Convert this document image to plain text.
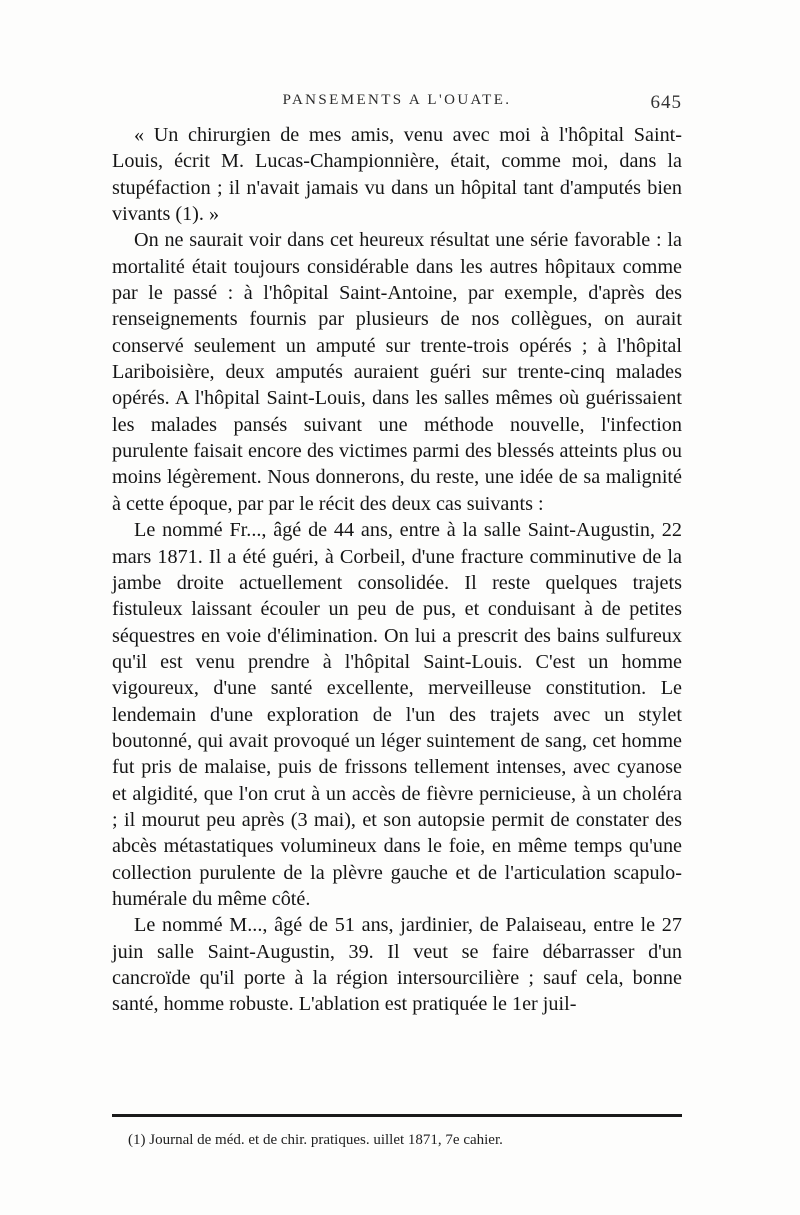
PANSEMENTS A L'OUATE.	645

« Un chirurgien de mes amis, venu avec moi à l'hôpital Saint-Louis, écrit M. Lucas-Championnière, était, comme moi, dans la stupéfaction ; il n'avait jamais vu dans un hôpital tant d'amputés bien vivants (1). »

On ne saurait voir dans cet heureux résultat une série favorable : la mortalité était toujours considérable dans les autres hôpitaux comme par le passé : à l'hôpital Saint-Antoine, par exemple, d'après des renseignements fournis par plusieurs de nos collègues, on aurait conservé seulement un amputé sur trente-trois opérés ; à l'hôpital Lariboisière, deux amputés auraient guéri sur trente-cinq malades opérés. A l'hôpital Saint-Louis, dans les salles mêmes où guérissaient les malades pansés suivant une méthode nouvelle, l'infection purulente faisait encore des victimes parmi des blessés atteints plus ou moins légèrement. Nous donnerons, du reste, une idée de sa malignité à cette époque, par par le récit des deux cas suivants :

Le nommé Fr..., âgé de 44 ans, entre à la salle Saint-Augustin, 22 mars 1871. Il a été guéri, à Corbeil, d'une fracture comminutive de la jambe droite actuellement consolidée. Il reste quelques trajets fistuleux laissant écouler un peu de pus, et conduisant à de petites séquestres en voie d'élimination. On lui a prescrit des bains sulfureux qu'il est venu prendre à l'hôpital Saint-Louis. C'est un homme vigoureux, d'une santé excellente, merveilleuse constitution. Le lendemain d'une exploration de l'un des trajets avec un stylet boutonné, qui avait provoqué un léger suintement de sang, cet homme fut pris de malaise, puis de frissons tellement intenses, avec cyanose et algidité, que l'on crut à un accès de fièvre pernicieuse, à un choléra ; il mourut peu après (3 mai), et son autopsie permit de constater des abcès métastatiques volumineux dans le foie, en même temps qu'une collection purulente de la plèvre gauche et de l'articulation scapulo-humérale du même côté.

Le nommé M..., âgé de 51 ans, jardinier, de Palaiseau, entre le 27 juin salle Saint-Augustin, 39. Il veut se faire débarrasser d'un cancroïde qu'il porte à la région intersourcilière ; sauf cela, bonne santé, homme robuste. L'ablation est pratiquée le 1er juil-

(1) Journal de méd. et de chir. pratiques. uillet 1871, 7e cahier.
